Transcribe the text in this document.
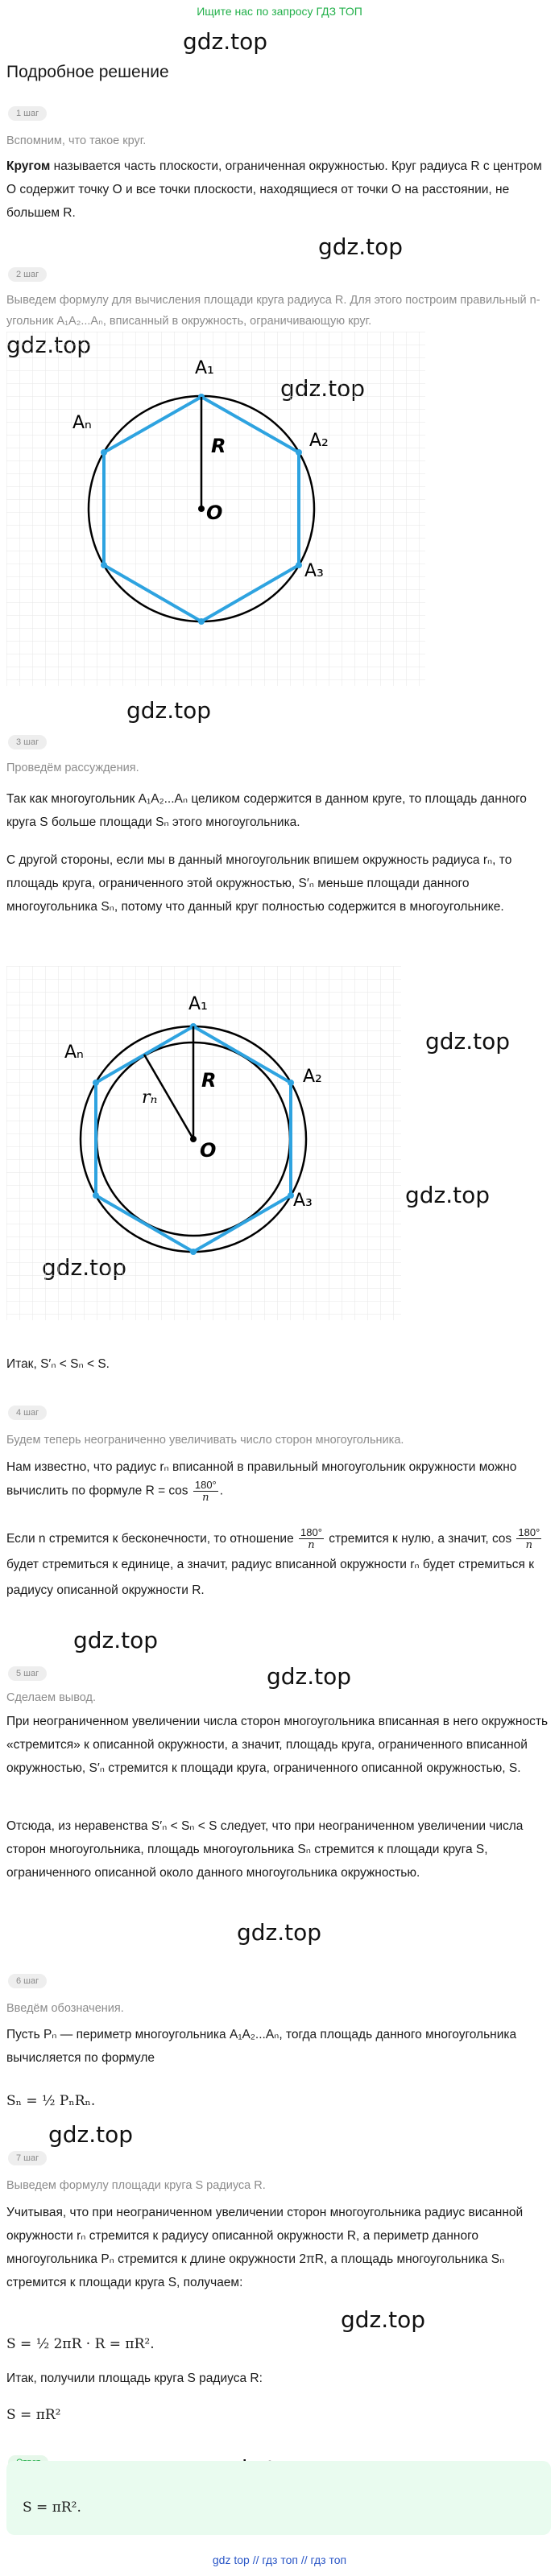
Ищите нас по запросу ГДЗ ТОП
gdz.top
gdz.top
gdz.top
gdz.top
gdz.top
gdz.top
gdz.top
gdz.top
gdz.top
gdz.top
Подробное решение
1 шаг
Вспомним, что такое круг.
Кругом называется часть плоскости, ограниченная окружностью. Круг радиуса R с центром O содержит точку O и все точки плоскости, находящиеся от точки O на расстоянии, не большем R.
2 шаг
Выведем формулу для вычисления площади круга радиуса R. Для этого построим правильный n-угольник A₁A₂...Aₙ, вписанный в окружность, ограничивающую круг.
A₁
A₂
A₃
Aₙ
R
O
3 шаг
Проведём рассуждения.
Так как многоугольник A₁A₂...Aₙ целиком содержится в данном круге, то площадь данного круга S больше площади Sₙ этого многоугольника.
С другой стороны, если мы в данный многоугольник впишем окружность радиуса rₙ, то площадь круга, ограниченного этой окружностью, S′ₙ меньше площади данного многоугольника Sₙ, потому что данный круг полностью содержится в многоугольнике.
A₁
A₂
A₃
Aₙ
rₙ
R
O
Итак, S′ₙ < Sₙ < S.
4 шаг
Будем теперь неограниченно увеличивать число сторон многоугольника.
Нам известно, что радиус rₙ вписанной в правильный многоугольник окружности можно вычислить по формуле $R = \cos \frac{180^\circ}{n}$ .
Если n стремится к бесконечности, то отношение $\frac{180^\circ}{n}$ стремится к нулю, а значит, $\cos \frac{180^\circ}{n}$
будет стремиться к единице, а значит, радиус вписанной окружности rₙ будет стремиться к радиусу описанной окружности R.
5 шаг
Сделаем вывод.
При неограниченном увеличении числа сторон многоугольника вписанная в него окружность «стремится» к описанной окружности, а значит, площадь круга, ограниченного вписанной окружностью, S′ₙ стремится к площади круга, ограниченного описанной окружностью, S.
Отсюда, из неравенства S′ₙ < Sₙ < S следует, что при неограниченном увеличении числа сторон многоугольника, площадь многоугольника Sₙ стремится к площади круга S, ограниченного описанной около данного многоугольника окружностью.
6 шаг
Введём обозначения.
Пусть Pₙ — периметр многоугольника A₁A₂...Aₙ, тогда площадь данного многоугольника вычисляется по формуле
Sₙ = ½ PₙRₙ.
7 шаг
Выведем формулу площади круга S радиуса R.
Учитывая, что при неограниченном увеличении сторон многоугольника радиус висанной окружности rₙ стремится к радиусу описанной окружности R, а периметр данного многоугольника Pₙ стремится к длине окружности 2πR, а площадь многоугольника Sₙ стремится к площади круга S, получаем:
S = ½ 2πR · R = πR².
Итак, получили площадь круга S радиуса R:
S = πR²
S = πR².
gdz top // гдз топ // гдз топ
